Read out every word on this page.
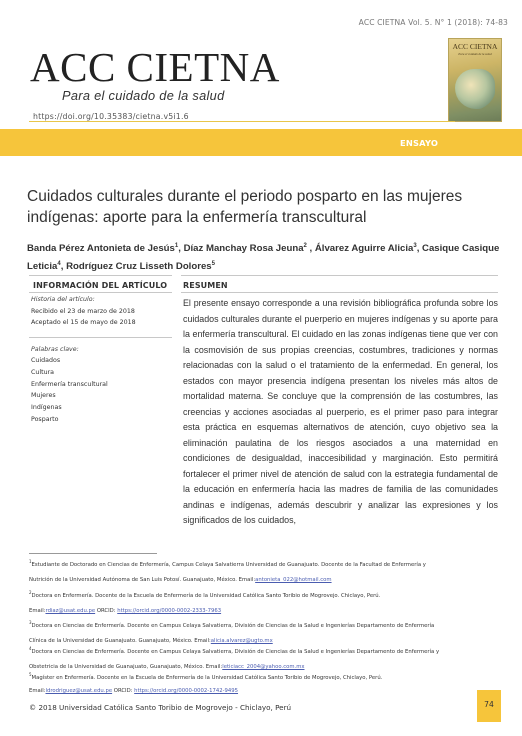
ACC CIETNA Vol. 5. N° 1 (2018): 74-83
ACC CIETNA
Para el cuidado de la salud
ACC CIETNA
Para el cuidado de la salud
https://doi.org/10.35383/cietna.v5i1.6
ENSAYO
Cuidados culturales durante el periodo posparto en las mujeres indígenas: aporte para la enfermería transcultural
Banda Pérez Antonieta de Jesús$^1$, Díaz Manchay Rosa Jeuna$^2$ , Álvarez Aguirre Alicia$^3$, Casique Casique Leticia$^4$, Rodríguez Cruz Lisseth Dolores$^5$
INFORMACIÓN DEL ARTÍCULO
Historia del artículo:
Recibido el 23 de marzo de 2018
Aceptado el 15 de mayo de 2018
Palabras clave:
Cuidados
Cultura
Enfermería transcultural
Mujeres
Indígenas
Posparto
RESUMEN
El presente ensayo corresponde a una revisión bibliográfica profunda sobre los cuidados culturales durante el puerperio en mujeres indígenas y su aporte para la enfermería transcultural. El cuidado en las zonas indígenas tiene que ver con la cosmovisión de sus propias creencias, costumbres, tradiciones y normas relacionadas con la salud o el tratamiento de la enfermedad. En general, los estados con mayor presencia indígena presentan los niveles más altos de mortalidad materna. Se concluye que la comprensión de las costumbres, las creencias y acciones asociadas al puerperio, es el primer paso para integrar esta práctica en esquemas alternativos de atención, cuyo objetivo sea la eliminación paulatina de los riesgos asociados a una maternidad en condiciones de desigualdad, inaccesibilidad y marginación. Esto permitirá fortalecer el primer nivel de atención de salud con la estrategia fundamental de la educación en enfermería hacia las madres de familia de las comunidades andinas e indígenas, además descubrir y analizar las expresiones y los significados de los cuidados,
$^1$Estudiante de Doctorado en Ciencias de Enfermería, Campus Celaya Salvatierra Universidad de Guanajuato. Docente de la Facultad de Enfermería y
Nutrición de la Universidad Autónoma de San Luis Potosí. Guanajuato, México. Email:antonieta_022@hotmail.com
$^2$Doctora en Enfermería. Docente de la Escuela de Enfermería de la Universidad Católica Santo Toribio de Mogrovejo. Chiclayo, Perú.
Email:rdiaz@usat.edu.pe ORCID: https://orcid.org/0000-0002-2333-7963
$^3$Doctora en Ciencias de Enfermería. Docente en Campus Celaya Salvatierra, División de Ciencias de la Salud e Ingenierías Departamento de Enfermería
Clínica de la Universidad de Guanajuato. Guanajuato, México. Email:alicia.alvarez@ugto.mx
$^4$Doctora en Ciencias de Enfermería. Docente en Campus Celaya Salvatierra, División de Ciencias de la Salud e Ingenierías Departamento de Enfermería y
Obstetricia de la Universidad de Guanajuato, Guanajuato, México. Email:leticiacc_2004@yahoo.com.mx
$^5$Magíster en Enfermería. Docente en la Escuela de Enfermería de la Universidad Católica Santo Toribio de Mogrovejo, Chiclayo, Perú.
Email:ldrodriguez@usat.edu.pe ORCID: https://orcid.org/0000-0002-1742-9495
© 2018 Universidad Católica Santo Toribio de Mogrovejo - Chiclayo, Perú	74
